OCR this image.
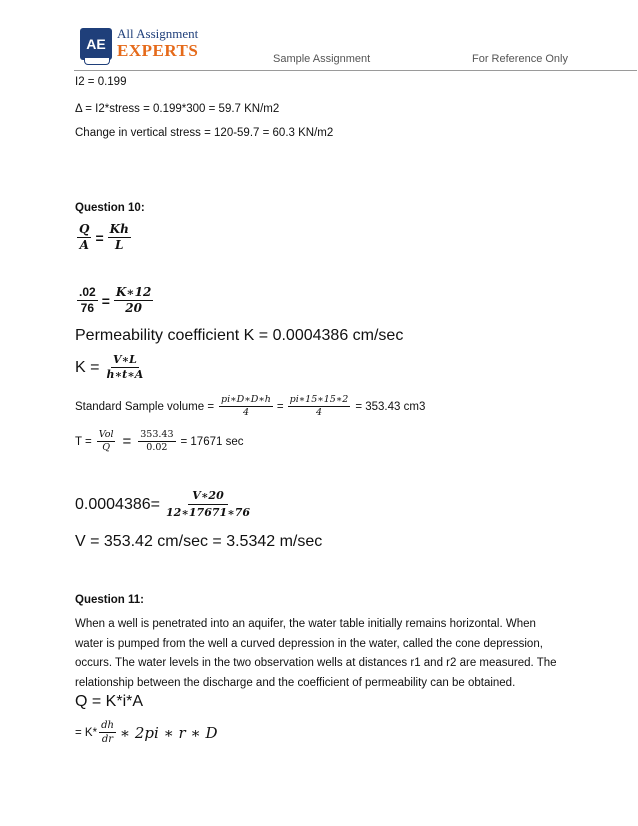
AE
All Assignment
EXPERTS	Sample Assignment	For Reference Only
I2 = 0.199
Δ = I2*stress = 0.199*300 = 59.7 KN/m2
Change in vertical stress = 120-59.7 = 60.3 KN/m2
Question 10:
$\frac{Q}{A} = \frac{Kh}{L}$
$\frac{.02}{76} = \frac{K∗12}{20}$
Permeability coefficient K = 0.0004386 cm/sec
$K = \frac{V∗L}{h∗t∗A}$
Standard Sample volume = $\frac{pi∗D∗D∗h}{4} = \frac{pi∗15∗15∗2}{4} = 353.43$ cm3
$T = \frac{\text{Vol}}{Q} = \frac{353.43}{0.02} = 17671$ sec
$0.0004386= \frac{V∗20}{12∗17671∗76}$
V = 353.42 cm/sec = 3.5342 m/sec
Question 11:
When a well is penetrated into an aquifer, the water table initially remains horizontal. When water is pumped from the well a curved depression in the water, called the cone depression, occurs. The water levels in the two observation wells at distances r1 and r2 are measured. The relationship between the discharge and the coefficient of permeability can be obtained.
Q = K*i*A
= $K* \frac{dh}{dr}$ ∗ 2pi ∗ r ∗ D
